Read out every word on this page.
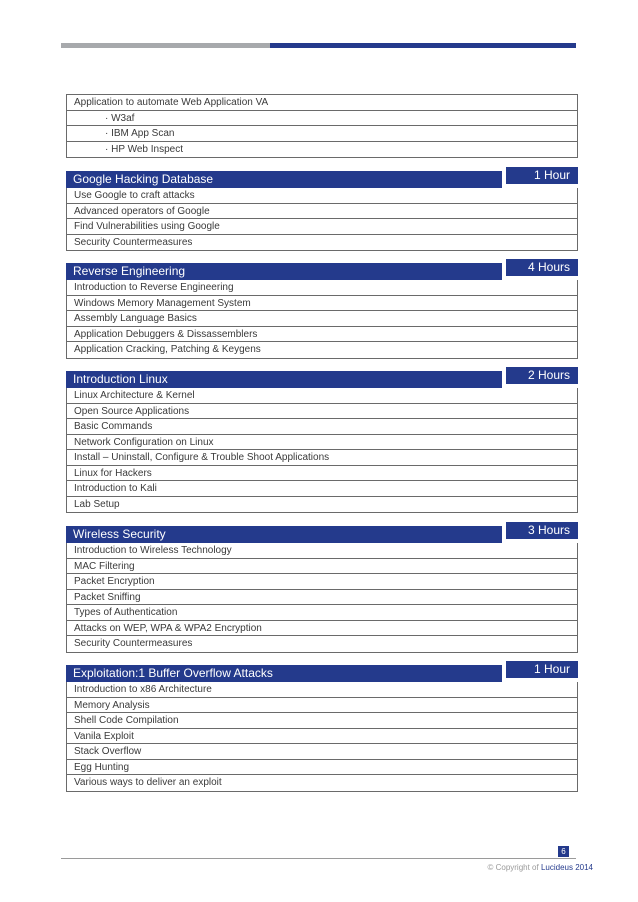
Application to automate Web Application VA
· W3af
· IBM App Scan
· HP Web Inspect
Google Hacking Database	1 Hour
Use Google to craft attacks
Advanced operators of Google
Find Vulnerabilities using Google
Security Countermeasures
Reverse Engineering	4 Hours
Introduction to Reverse Engineering
Windows Memory Management System
Assembly Language Basics
Application Debuggers & Dissassemblers
Application Cracking, Patching & Keygens
Introduction Linux	2 Hours
Linux Architecture & Kernel
Open Source Applications
Basic Commands
Network Configuration on Linux
Install – Uninstall, Configure & Trouble Shoot Applications
Linux for Hackers
Introduction to Kali
Lab Setup
Wireless Security	3 Hours
Introduction to Wireless Technology
MAC Filtering
Packet Encryption
Packet Sniffing
Types of Authentication
Attacks on WEP, WPA & WPA2 Encryption
Security Countermeasures
Exploitation:1 Buffer Overflow Attacks	1 Hour
Introduction to x86 Architecture
Memory Analysis
Shell Code Compilation
Vanila Exploit
Stack Overflow
Egg Hunting
Various ways to deliver an exploit
6
© Copyright of Lucideus 2014
